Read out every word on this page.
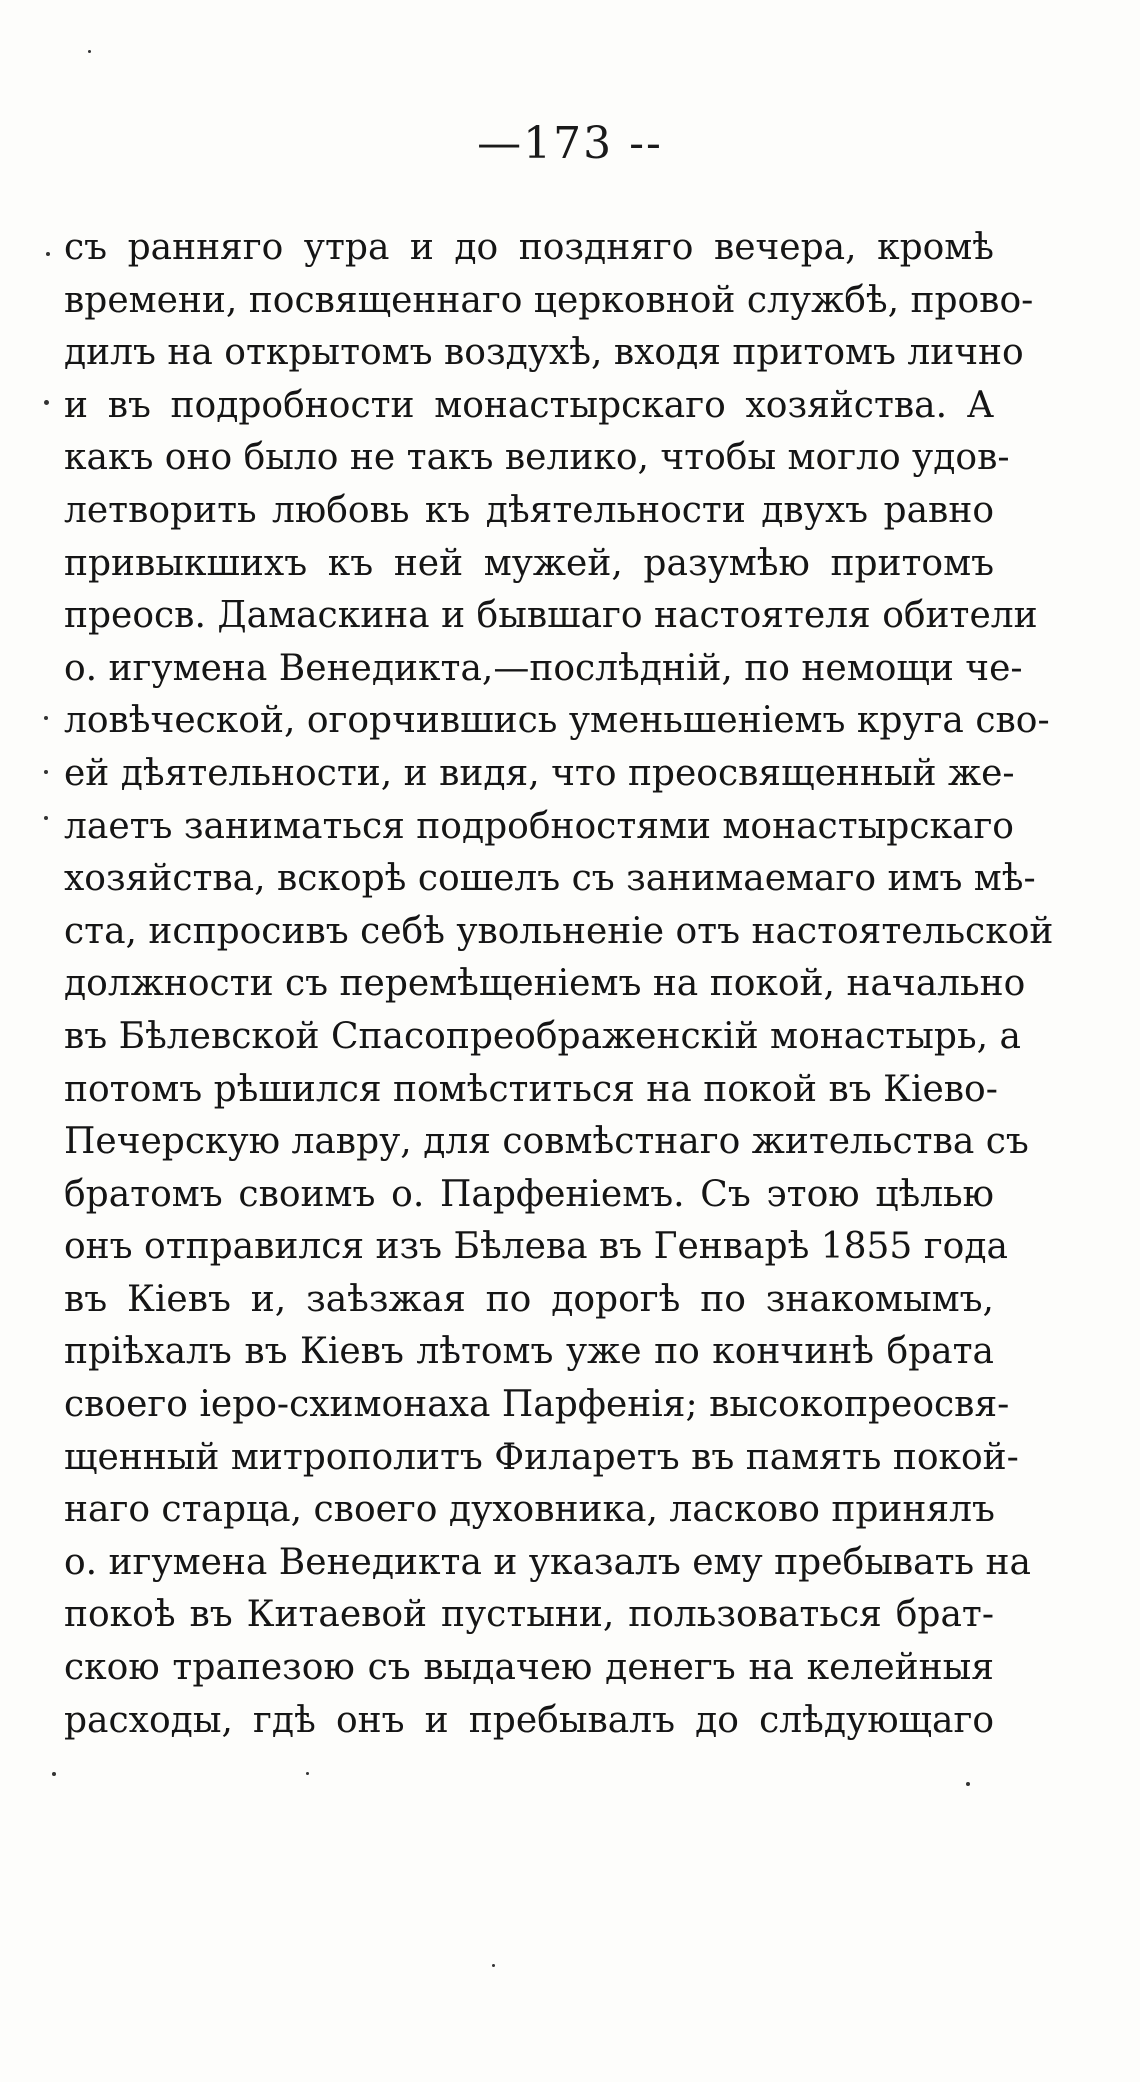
—173 --
съ ранняго утра и до поздняго вечера, кромѣ
времени, посвященнаго церковной службѣ, прово-
дилъ на открытомъ воздухѣ, входя притомъ лично
и въ подробности монастырскаго хозяйства. А
какъ оно было не такъ велико, чтобы могло удов-
летворить любовь къ дѣятельности двухъ равно
привыкшихъ къ ней мужей, разумѣю притомъ
преосв. Дамаскина и бывшаго настоятеля обители
о. игумена Венедикта,—послѣдній, по немощи че-
ловѣческой, огорчившись уменьшеніемъ круга сво-
ей дѣятельности, и видя, что преосвященный же-
лаетъ заниматься подробностями монастырскаго
хозяйства, вскорѣ сошелъ съ занимаемаго имъ мѣ-
ста, испросивъ себѣ увольненіе отъ настоятельской
должности съ перемѣщеніемъ на покой, начально
въ Бѣлевской Спасопреображенскій монастырь, а
потомъ рѣшился помѣститься на покой въ Кіево-
Печерскую лавру, для совмѣстнаго жительства съ
братомъ своимъ о. Парфеніемъ. Съ этою цѣлью
онъ отправился изъ Бѣлева въ Генварѣ 1855 года
въ Кіевъ и, заѣзжая по дорогѣ по знакомымъ,
пріѣхалъ въ Кіевъ лѣтомъ уже по кончинѣ брата
своего іеро-схимонаха Парфенія; высокопреосвя-
щенный митрополитъ Филаретъ въ память покой-
наго старца, своего духовника, ласково принялъ
о. игумена Венедикта и указалъ ему пребывать на
покоѣ въ Китаевой пустыни, пользоваться брат-
скою трапезою съ выдачею денегъ на келейныя
расходы, гдѣ онъ и пребывалъ до слѣдующаго
